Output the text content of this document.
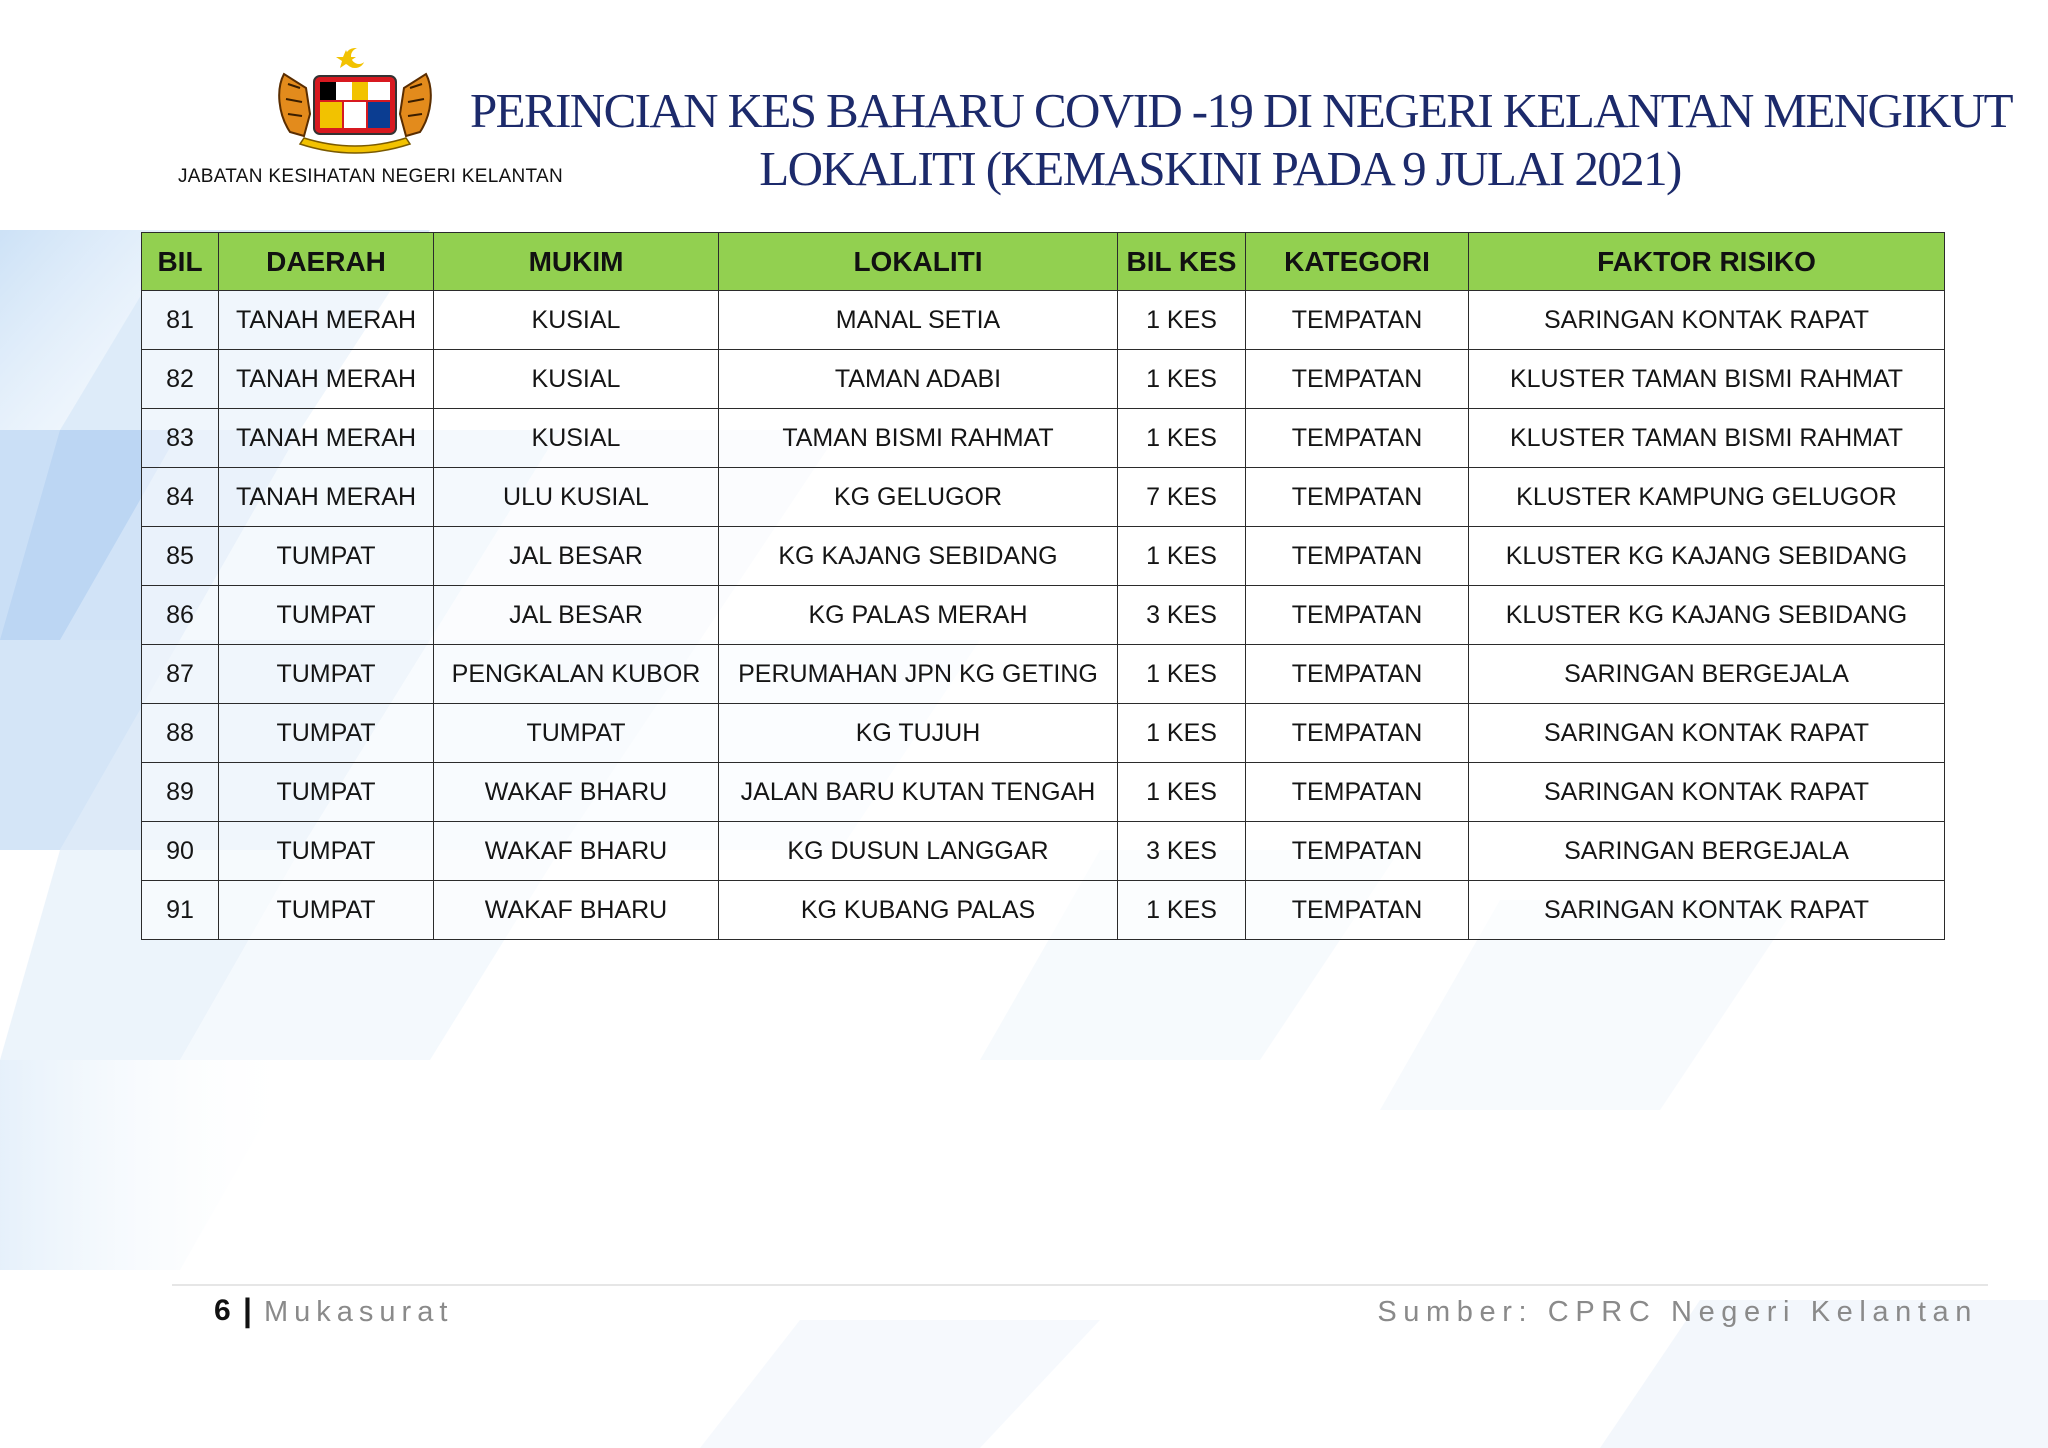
JABATAN KESIHATAN NEGERI KELANTAN
PERINCIAN KES BAHARU COVID -19 DI NEGERI KELANTAN MENGIKUT
LOKALITI (KEMASKINI PADA 9 JULAI 2021)
BIL	DAERAH	MUKIM	LOKALITI	BIL KES	KATEGORI	FAKTOR RISIKO
81	TANAH MERAH	KUSIAL	MANAL SETIA	1 KES	TEMPATAN	SARINGAN KONTAK RAPAT
82	TANAH MERAH	KUSIAL	TAMAN ADABI	1 KES	TEMPATAN	KLUSTER TAMAN BISMI RAHMAT
83	TANAH MERAH	KUSIAL	TAMAN BISMI RAHMAT	1 KES	TEMPATAN	KLUSTER TAMAN BISMI RAHMAT
84	TANAH MERAH	ULU KUSIAL	KG GELUGOR	7 KES	TEMPATAN	KLUSTER KAMPUNG GELUGOR
85	TUMPAT	JAL BESAR	KG KAJANG SEBIDANG	1 KES	TEMPATAN	KLUSTER KG KAJANG SEBIDANG
86	TUMPAT	JAL BESAR	KG PALAS MERAH	3 KES	TEMPATAN	KLUSTER KG KAJANG SEBIDANG
87	TUMPAT	PENGKALAN KUBOR	PERUMAHAN JPN KG GETING	1 KES	TEMPATAN	SARINGAN BERGEJALA
88	TUMPAT	TUMPAT	KG TUJUH	1 KES	TEMPATAN	SARINGAN KONTAK RAPAT
89	TUMPAT	WAKAF BHARU	JALAN BARU KUTAN TENGAH	1 KES	TEMPATAN	SARINGAN KONTAK RAPAT
90	TUMPAT	WAKAF BHARU	KG DUSUN LANGGAR	3 KES	TEMPATAN	SARINGAN BERGEJALA
91	TUMPAT	WAKAF BHARU	KG KUBANG PALAS	1 KES	TEMPATAN	SARINGAN KONTAK RAPAT
6 | Mukasurat	Sumber: CPRC Negeri Kelantan
